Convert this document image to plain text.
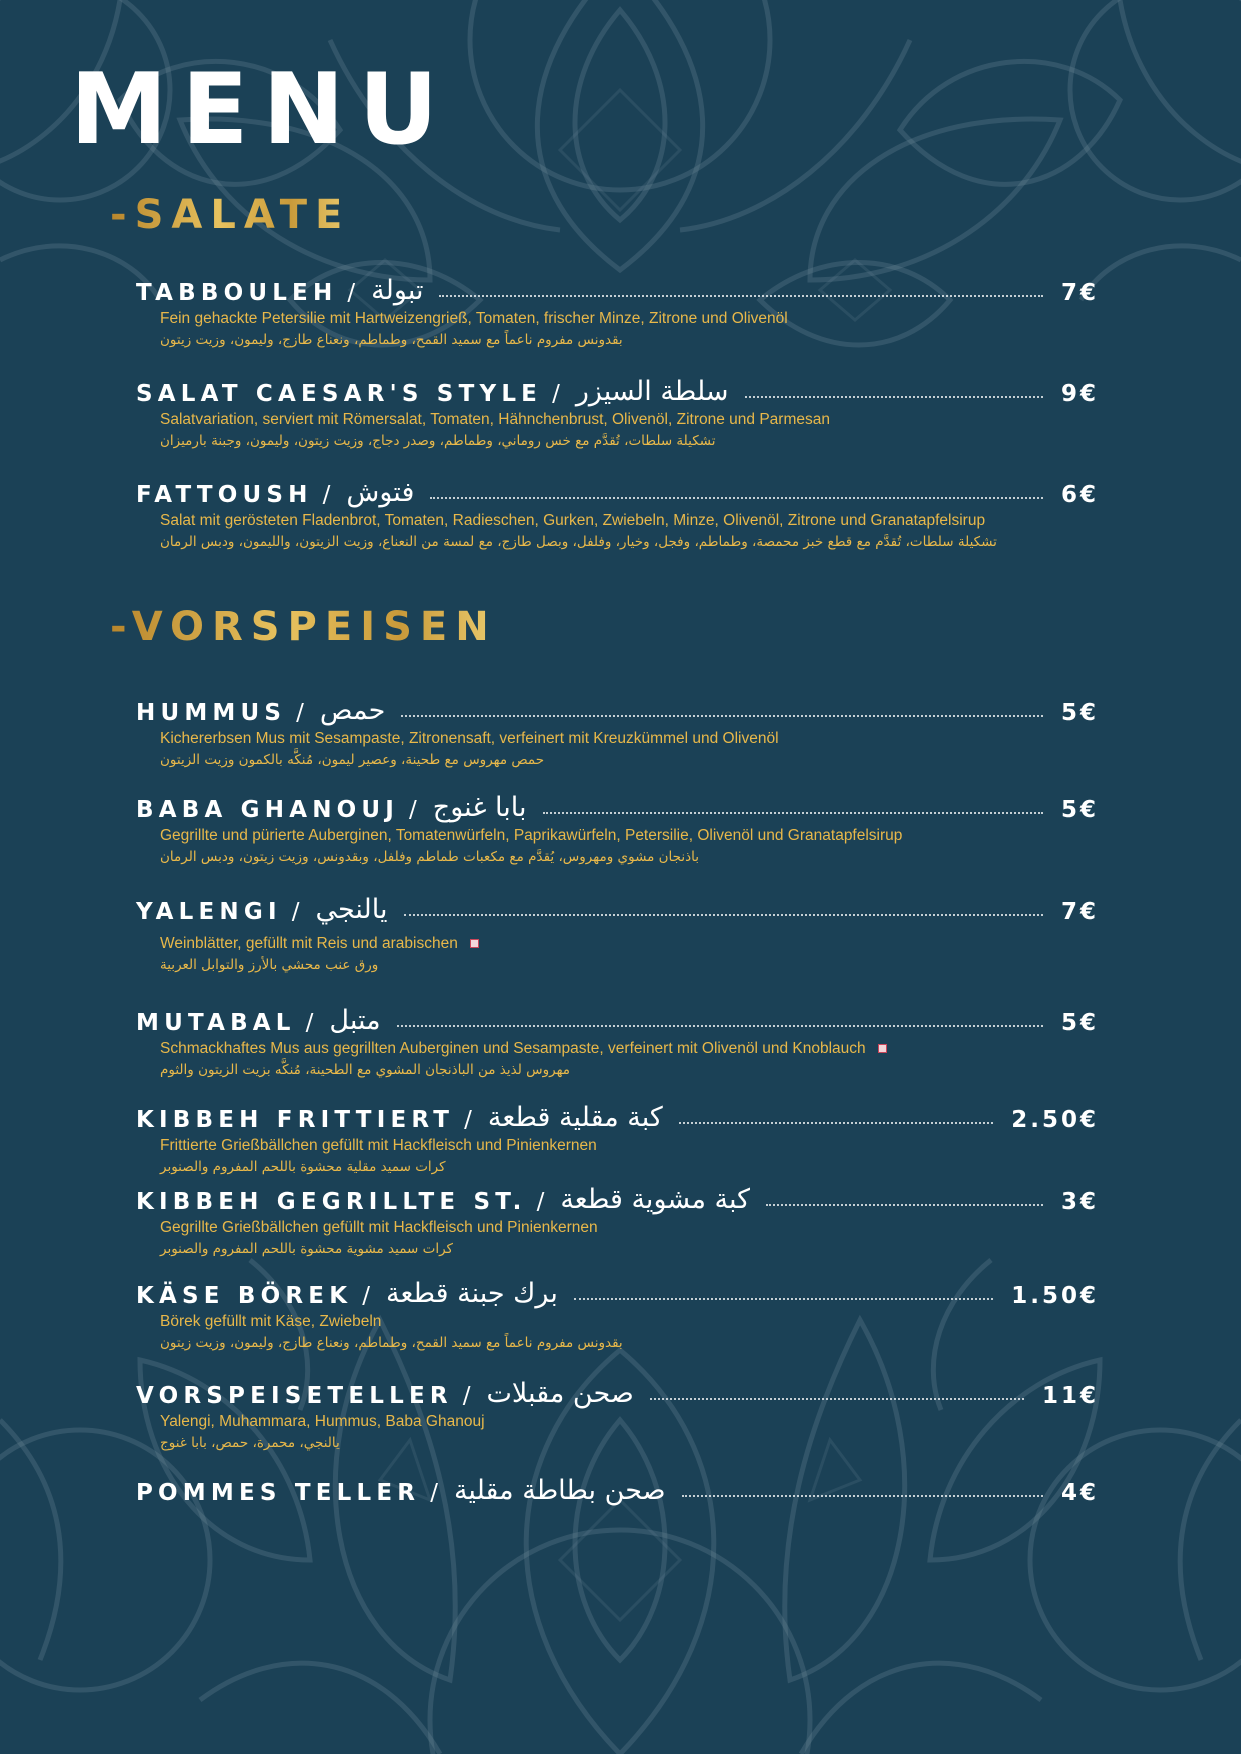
MENU
-SALATE
TABBOULEH / تبولة	7€
Fein gehackte Petersilie mit Hartweizengrieß, Tomaten, frischer Minze, Zitrone und Olivenöl
بقدونس مفروم ناعماً مع سميد القمح، وطماطم، ونعناع طازج، وليمون، وزيت زيتون
SALAT CAESAR'S STYLE / سلطة السيزر	9€
Salatvariation, serviert mit Römersalat, Tomaten, Hähnchenbrust, Olivenöl, Zitrone und Parmesan
تشكيلة سلطات، تُقدَّم مع خس روماني، وطماطم، وصدر دجاج، وزيت زيتون، وليمون، وجبنة بارميزان
FATTOUSH / فتوش	6€
Salat mit gerösteten Fladenbrot, Tomaten, Radieschen, Gurken, Zwiebeln, Minze, Olivenöl, Zitrone und Granatapfelsirup
تشكيلة سلطات، تُقدَّم مع قطع خبز محمصة، وطماطم، وفجل، وخيار، وفلفل، وبصل طازج، مع لمسة من النعناع، وزيت الزيتون، والليمون، ودبس الرمان
-VORSPEISEN
HUMMUS / حمص	5€
Kichererbsen Mus mit Sesampaste, Zitronensaft, verfeinert mit Kreuzkümmel und Olivenöl
حمص مهروس مع طحينة، وعصير ليمون، مُنكَّه بالكمون وزيت الزيتون
BABA GHANOUJ / بابا غنوج	5€
Gegrillte und pürierte Auberginen, Tomatenwürfeln, Paprikawürfeln, Petersilie, Olivenöl und Granatapfelsirup
باذنجان مشوي ومهروس، يُقدَّم مع مكعبات طماطم وفلفل، وبقدونس، وزيت زيتون، ودبس الرمان
YALENGI / يالنجي	7€
Weinblätter, gefüllt mit Reis und arabischen
ورق عنب محشي بالأرز والتوابل العربية
MUTABAL / متبل	5€
Schmackhaftes Mus aus gegrillten Auberginen und Sesampaste, verfeinert mit Olivenöl und Knoblauch
مهروس لذيذ من الباذنجان المشوي مع الطحينة، مُنكَّه بزيت الزيتون والثوم
KIBBEH FRITTIERT / كبة مقلية قطعة	2.50€
Frittierte Grießbällchen gefüllt mit Hackfleisch und Pinienkernen
كرات سميد مقلية محشوة باللحم المفروم والصنوبر
KIBBEH GEGRILLTE ST. / كبة مشوية قطعة	3€
Gegrillte Grießbällchen gefüllt mit Hackfleisch und Pinienkernen
كرات سميد مشوية محشوة باللحم المفروم والصنوبر
KÄSE BÖREK / برك جبنة قطعة	1.50€
Börek gefüllt mit Käse, Zwiebeln
بقدونس مفروم ناعماً مع سميد القمح، وطماطم، ونعناع طازج، وليمون، وزيت زيتون
VORSPEISETELLER / صحن مقبلات	11€
Yalengi, Muhammara, Hummus, Baba Ghanouj
يالنجي، محمرة، حمص، بابا غنوج
POMMES TELLER / صحن بطاطة مقلية	4€
